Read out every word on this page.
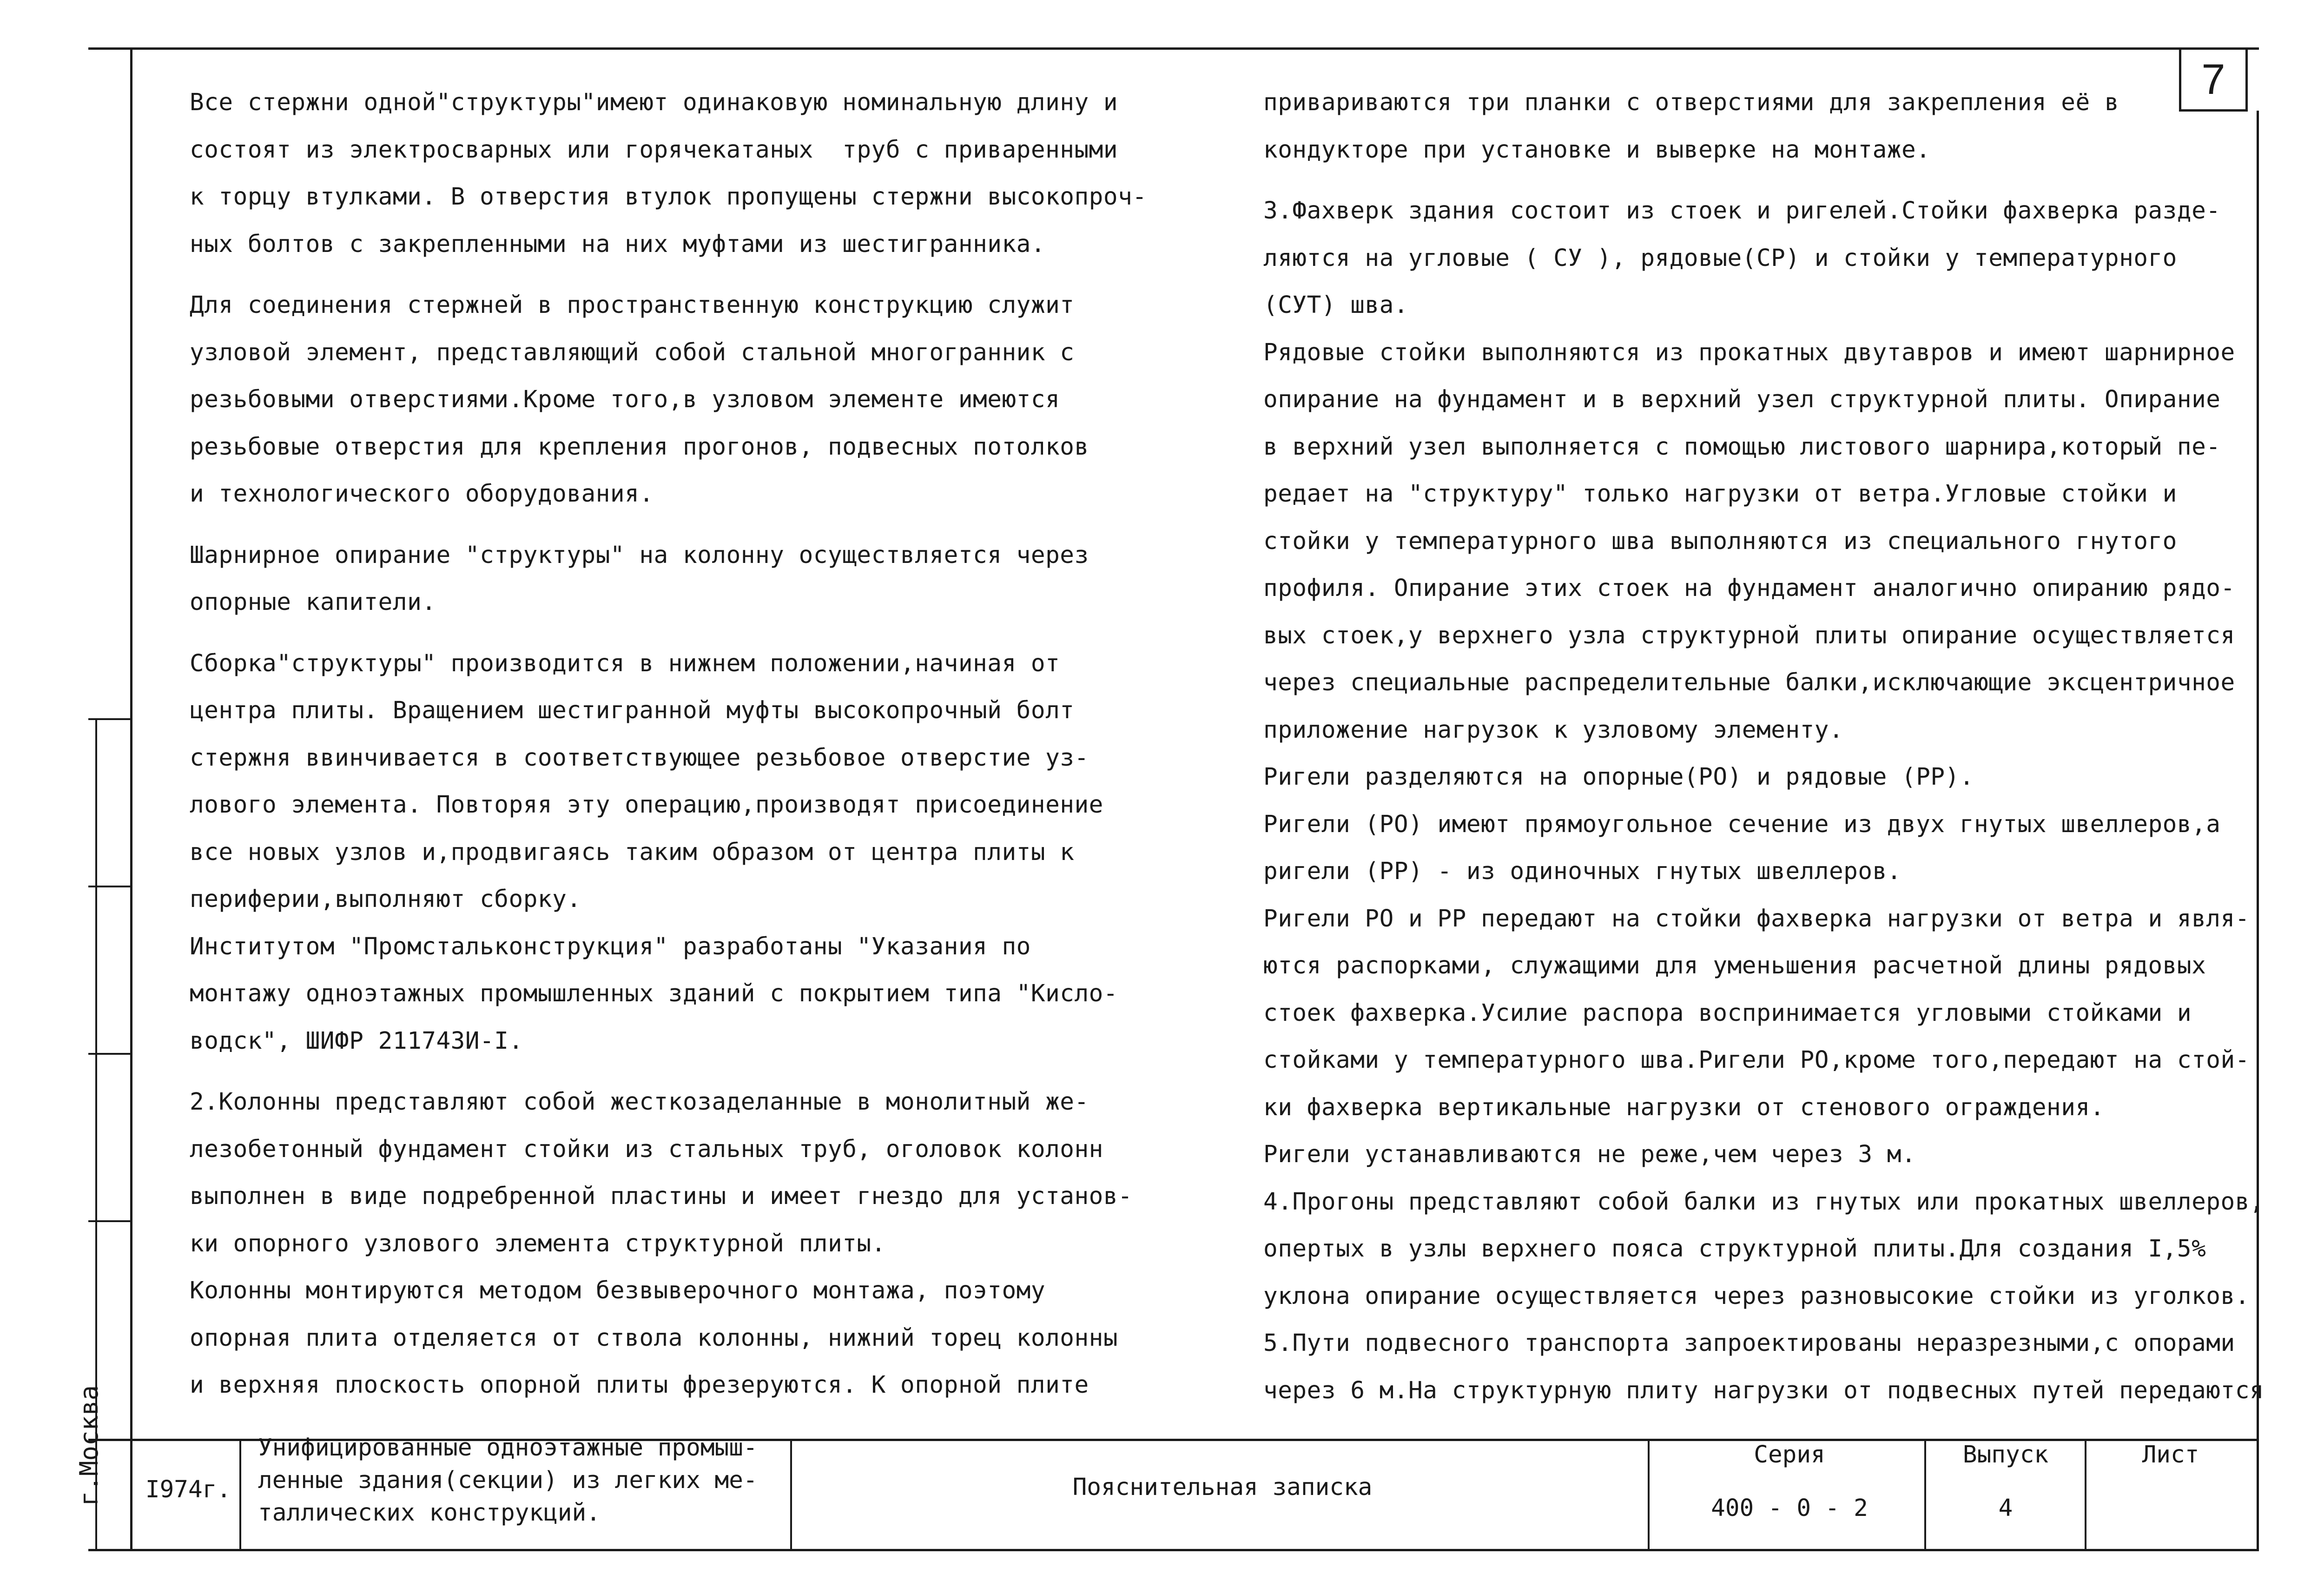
7

Все стержни одной"структуры"имеют одинаковую номинальную длину и

состоят из электросварных или горячекатаных  труб с приваренными

к торцу втулками. В отверстия втулок пропущены стержни высокопроч-

ных болтов с закрепленными на них муфтами из шестигранника.

Для соединения стержней в пространственную конструкцию служит

узловой элемент, представляющий собой стальной многогранник с

резьбовыми отверстиями.Кроме того,в узловом элементе имеются

резьбовые отверстия для крепления прогонов, подвесных потолков

и технологического оборудования.

Шарнирное опирание "структуры" на колонну осуществляется через

опорные капители.

Сборка"структуры" производится в нижнем положении,начиная от

центра плиты. Вращением шестигранной муфты высокопрочный болт

стержня ввинчивается в соответствующее резьбовое отверстие уз-

лового элемента. Повторяя эту операцию,производят присоединение

все новых узлов и,продвигаясь таким образом от центра плиты к

периферии,выполняют сборку.

Институтом "Промстальконструкция" разработаны "Указания по

монтажу одноэтажных промышленных зданий с покрытием типа "Кисло-

водск", ШИФР 211743И-I.

2.Колонны представляют собой жесткозаделанные в монолитный же-

лезобетонный фундамент стойки из стальных труб, оголовок колонн

выполнен в виде подребренной пластины и имеет гнездо для установ-

ки опорного узлового элемента структурной плиты.

Колонны монтируются методом безвыверочного монтажа, поэтому

опорная плита отделяется от ствола колонны, нижний торец колонны

и верхняя плоскость опорной плиты фрезеруются. К опорной плите

привариваются три планки с отверстиями для закрепления её в

кондукторе при установке и выверке на монтаже.

3.Фахверк здания состоит из стоек и ригелей.Стойки фахверка разде-

ляются на угловые ( СУ ), рядовые(СР) и стойки у температурного

(СУТ) шва.

Рядовые стойки выполняются из прокатных двутавров и имеют шарнирное

опирание на фундамент и в верхний узел структурной плиты. Опирание

в верхний узел выполняется с помощью листового шарнира,который пе-

редает на "структуру" только нагрузки от ветра.Угловые стойки и

стойки у температурного шва выполняются из специального гнутого

профиля. Опирание этих стоек на фундамент аналогично опиранию рядо-

вых стоек,у верхнего узла структурной плиты опирание осуществляется

через специальные распределительные балки,исключающие эксцентричное

приложение нагрузок к узловому элементу.

Ригели разделяются на опорные(РО) и рядовые (РР).

Ригели (РО) имеют прямоугольное сечение из двух гнутых швеллеров,а

ригели (РР) - из одиночных гнутых швеллеров.

Ригели РО и РР передают на стойки фахверка нагрузки от ветра и явля-

ются распорками, служащими для уменьшения расчетной длины рядовых

стоек фахверка.Усилие распора воспринимается угловыми стойками и

стойками у температурного шва.Ригели РО,кроме того,передают на стой-

ки фахверка вертикальные нагрузки от стенового ограждения.

Ригели устанавливаются не реже,чем через 3 м.

4.Прогоны представляют собой балки из гнутых или прокатных швеллеров,

опертых в узлы верхнего пояса структурной плиты.Для создания I,5%

уклона опирание осуществляется через разновысокие стойки из уголков.

5.Пути подвесного транспорта запроектированы неразрезными,с опорами

через 6 м.На структурную плиту нагрузки от подвесных путей передаются

г.Москва I974г.
Унифицированные одноэтажные промыш-
ленные здания(секции) из легких ме-
таллических конструкций.
Пояснительная записка
Серия
400 - 0 - 2
Выпуск
4
Лист
